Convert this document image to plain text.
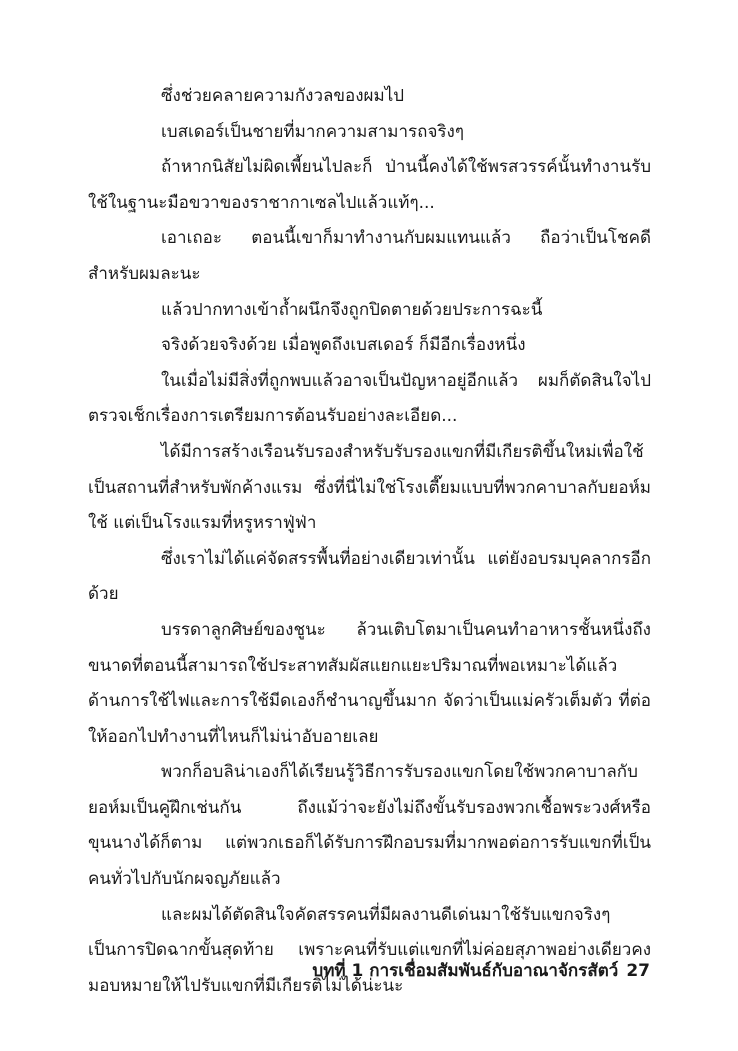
ซึ่งช่วยคลายความกังวลของผมไป

เบสเดอร์เป็นชายที่มากความสามารถจริงๆ

ถ้าหากนิสัยไม่ผิดเพี้ยนไปละก็ ป่านนี้คงได้ใช้พรสวรรค์นั้นทำงานรับใช้ในฐานะมือขวาของราชากาเซลไปแล้วแท้ๆ...

เอาเถอะ ตอนนี้เขาก็มาทำงานกับผมแทนแล้ว ถือว่าเป็นโชคดีสำหรับผมละนะ

แล้วปากทางเข้าถ้ำผนึกจึงถูกปิดตายด้วยประการฉะนี้

จริงด้วยจริงด้วย เมื่อพูดถึงเบสเดอร์ ก็มีอีกเรื่องหนึ่ง

ในเมื่อไม่มีสิ่งที่ถูกพบแล้วอาจเป็นปัญหาอยู่อีกแล้ว ผมก็ตัดสินใจไปตรวจเช็กเรื่องการเตรียมการต้อนรับอย่างละเอียด...

ได้มีการสร้างเรือนรับรองสำหรับรับรองแขกที่มีเกียรติขึ้นใหม่เพื่อใช้เป็นสถานที่สำหรับพักค้างแรม ซึ่งที่นี่ไม่ใช่โรงเตี๊ยมแบบที่พวกคาบาลกับยอห์มใช้ แต่เป็นโรงแรมที่หรูหราฟู่ฟ่า

ซึ่งเราไม่ได้แค่จัดสรรพื้นที่อย่างเดียวเท่านั้น แต่ยังอบรมบุคลากรอีกด้วย

บรรดาลูกศิษย์ของชูนะ ล้วนเติบโตมาเป็นคนทำอาหารชั้นหนึ่งถึงขนาดที่ตอนนี้สามารถใช้ประสาทสัมผัสแยกแยะปริมาณที่พอเหมาะได้แล้ว ด้านการใช้ไฟและการใช้มีดเองก็ชำนาญขึ้นมาก จัดว่าเป็นแม่ครัวเต็มตัว ที่ต่อให้ออกไปทำงานที่ไหนก็ไม่น่าอับอายเลย

พวกก็อบลิน่าเองก็ได้เรียนรู้วิธีการรับรองแขกโดยใช้พวกคาบาลกับยอห์มเป็นคู่ฝึกเช่นกัน ถึงแม้ว่าจะยังไม่ถึงขั้นรับรองพวกเชื้อพระวงศ์หรือขุนนางได้ก็ตาม แต่พวกเธอก็ได้รับการฝึกอบรมที่มากพอต่อการรับแขกที่เป็นคนทั่วไปกับนักผจญภัยแล้ว

และผมได้ตัดสินใจคัดสรรคนที่มีผลงานดีเด่นมาใช้รับแขกจริงๆเป็นการปิดฉากขั้นสุดท้าย เพราะคนที่รับแต่แขกที่ไม่ค่อยสุภาพอย่างเดียวคงมอบหมายให้ไปรับแขกที่มีเกียรติไม่ได้น่ะนะ

บทที่ 1 การเชื่อมสัมพันธ์กับอาณาจักรสัตว์ 27
